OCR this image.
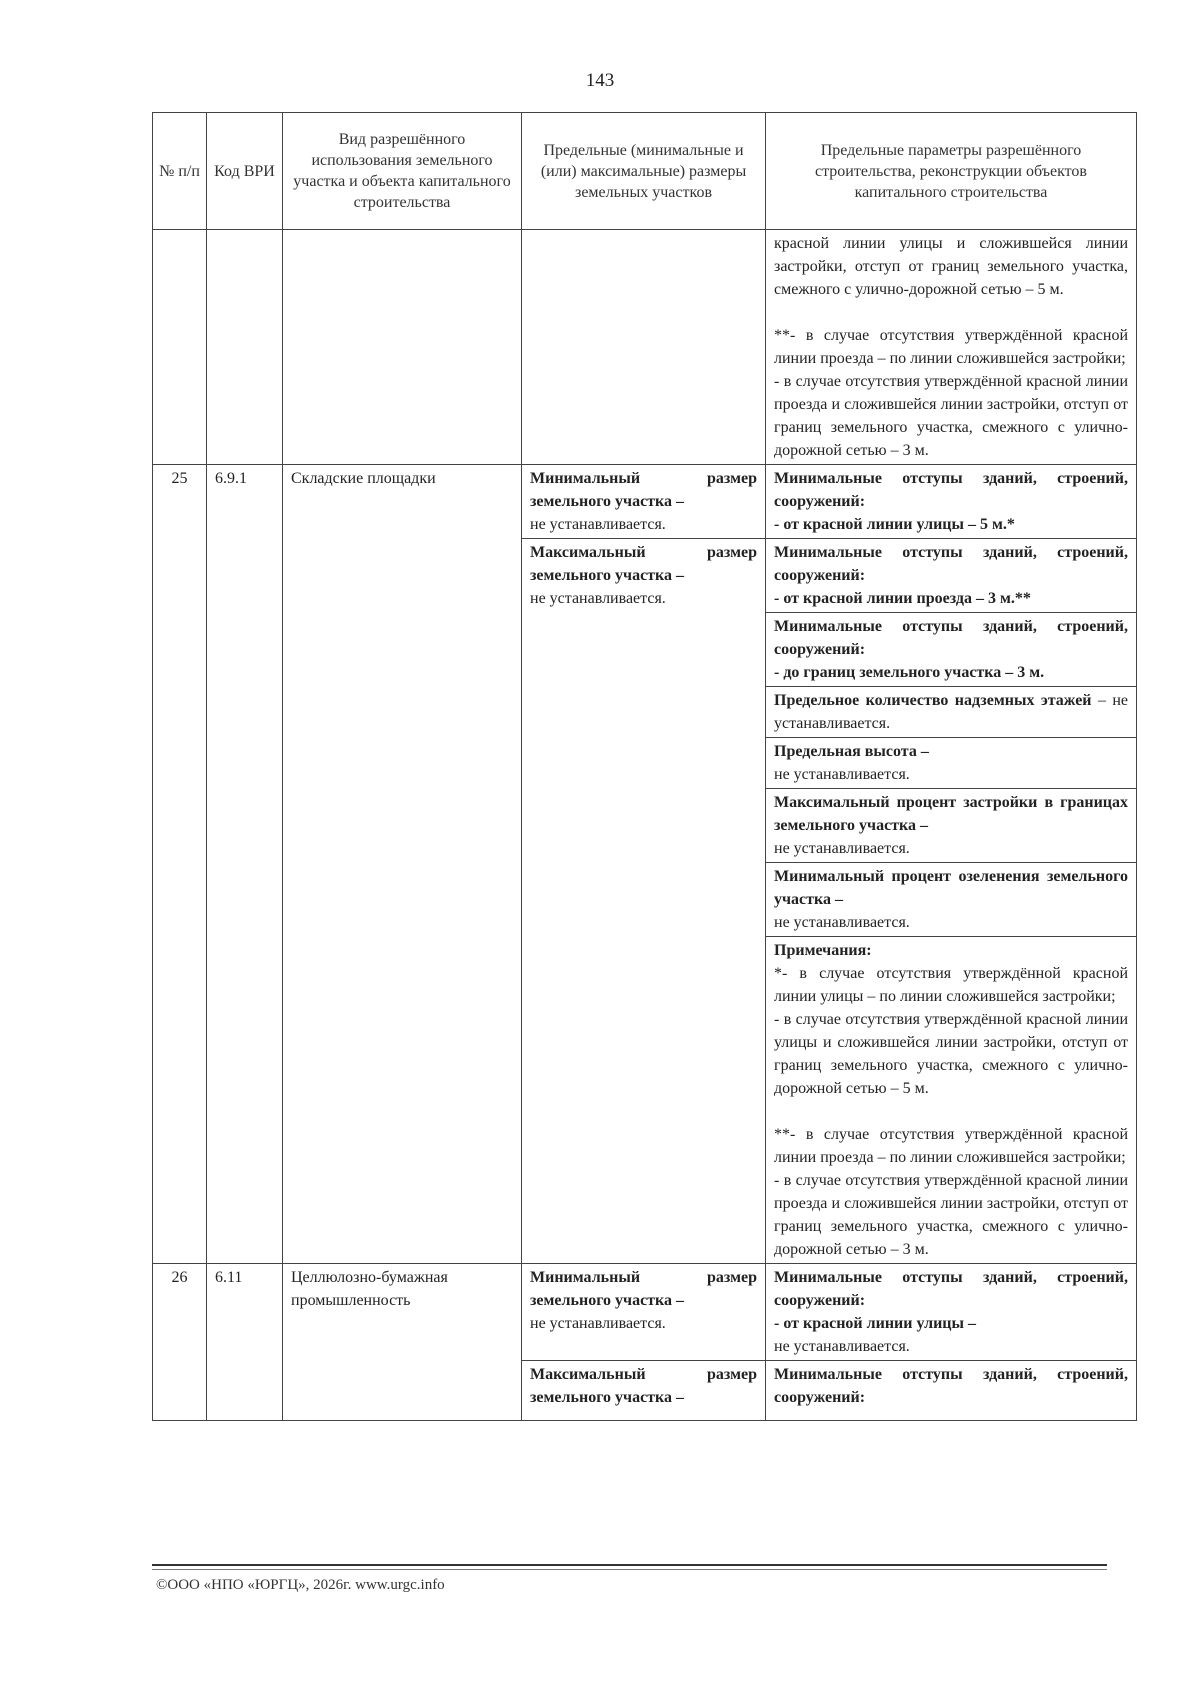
143
№ п/п	Код ВРИ	Вид разрешённого использования земельного участка и объекта капитального строительства	Предельные (минимальные и (или) максимальные) размеры земельных участков	Предельные параметры разрешённого строительства, реконструкции объектов капитального строительства

				красной линии улицы и сложившейся линии застройки, отступ от границ земельного участка, смежного с улично-дорожной сетью – 5 м.
**- в случае отсутствия утверждённой красной линии проезда – по линии сложившейся застройки;
- в случае отсутствия утверждённой красной линии проезда и сложившейся линии застройки, отступ от границ земельного участка, смежного с улично-дорожной сетью – 3 м.

25	6.9.1	Складские площадки	Минимальный размер земельного участка –
не устанавливается.	Минимальные отступы зданий, строений, сооружений:
- от красной линии улицы – 5 м.*
			Максимальный размер земельного участка –
не устанавливается.	Минимальные отступы зданий, строений, сооружений:
- от красной линии проезда – 3 м.**
				Минимальные отступы зданий, строений, сооружений:
- до границ земельного участка – 3 м.
				Предельное количество надземных этажей – не устанавливается.
				Предельная высота –
не устанавливается.
				Максимальный процент застройки в границах земельного участка –
не устанавливается.
				Минимальный процент озеленения земельного участка –
не устанавливается.

				Примечания:
*- в случае отсутствия утверждённой красной линии улицы – по линии сложившейся застройки;
- в случае отсутствия утверждённой красной линии улицы и сложившейся линии застройки, отступ от границ земельного участка, смежного с улично-дорожной сетью – 5 м.
**- в случае отсутствия утверждённой красной линии проезда – по линии сложившейся застройки;
- в случае отсутствия утверждённой красной линии проезда и сложившейся линии застройки, отступ от границ земельного участка, смежного с улично-дорожной сетью – 3 м.

26	6.11	Целлюлозно-бумажная промышленность	Минимальный размер земельного участка –
не устанавливается.	Минимальные отступы зданий, строений, сооружений:
- от красной линии улицы –
не устанавливается.
			Максимальный размер земельного участка –	Минимальные отступы зданий, строений, сооружений:
©ООО «НПО «ЮРГЦ», 2026г. www.urgc.info
